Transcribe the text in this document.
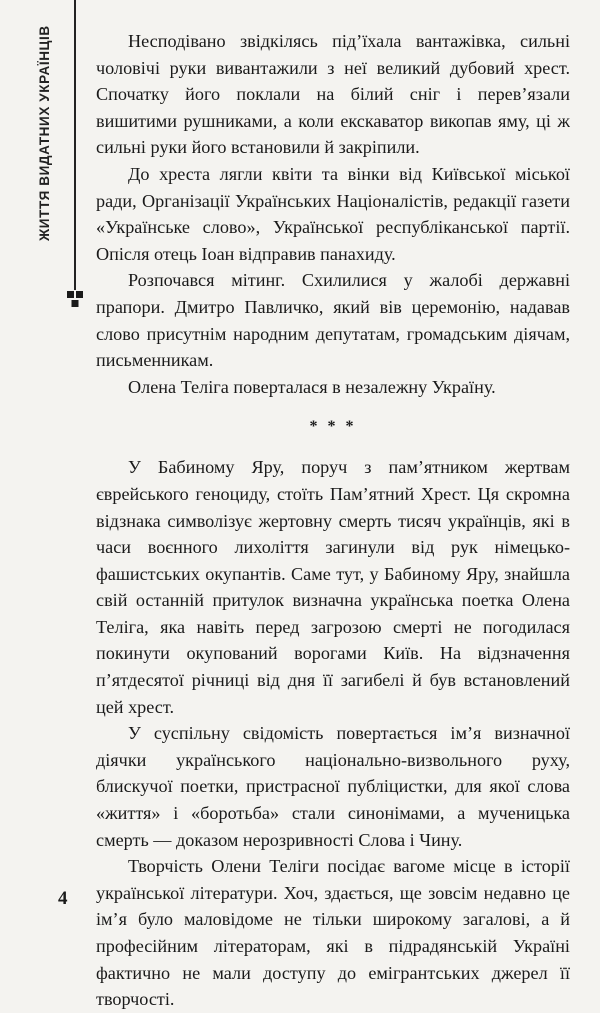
ЖИТТЯ ВИДАТНИХ УКРАЇНЦІВ	Несподівано звідкілясь під’їхала вантажівка, сильні чоловічі руки вивантажили з неї великий дубовий хрест. Спочатку його поклали на білий сніг і перев’язали вишитими рушниками, а коли екскаватор викопав яму, ці ж сильні руки його встановили й закріпили.

До хреста лягли квіти та вінки від Київської міської ради, Організації Українських Націоналістів, редакції газети «Українське слово», Української республіканської партії. Опісля отець Іоан відправив панахиду.

Розпочався мітинг. Схилилися у жалобі державні прапори. Дмитро Павличко, який вів церемонію, надавав слово присутнім народним депутатам, громадським діячам, письменникам.

Олена Теліга поверталася в незалежну Україну.

* * *

У Бабиному Яру, поруч з пам’ятником жертвам єврейського геноциду, стоїть Пам’ятний Хрест. Ця скромна відзнака символізує жертовну смерть тисяч українців, які в часи воєнного лихоліття загинули від рук німецько-фашистських окупантів. Саме тут, у Бабиному Яру, знайшла свій останній притулок визначна українська поетка Олена Теліга, яка навіть перед загрозою смерті не погодилася покинути окупований ворогами Київ. На відзначення п’ятдесятої річниці від дня її загибелі й був встановлений цей хрест.

У суспільну свідомість повертається ім’я визначної діячки українського національно-визвольного руху, блискучої поетки, пристрасної публіцистки, для якої слова «життя» і «боротьба» стали синонімами, а мученицька смерть — доказом нерозривності Слова і Чину.

Творчість Олени Теліги посідає вагоме місце в історії української літератури. Хоч, здається, ще зовсім недавно це ім’я було маловідоме не тільки широкому загалові, а й професійним літераторам, які в підрадянській Україні фактично не мали доступу до емігрантських джерел її творчості.

4
